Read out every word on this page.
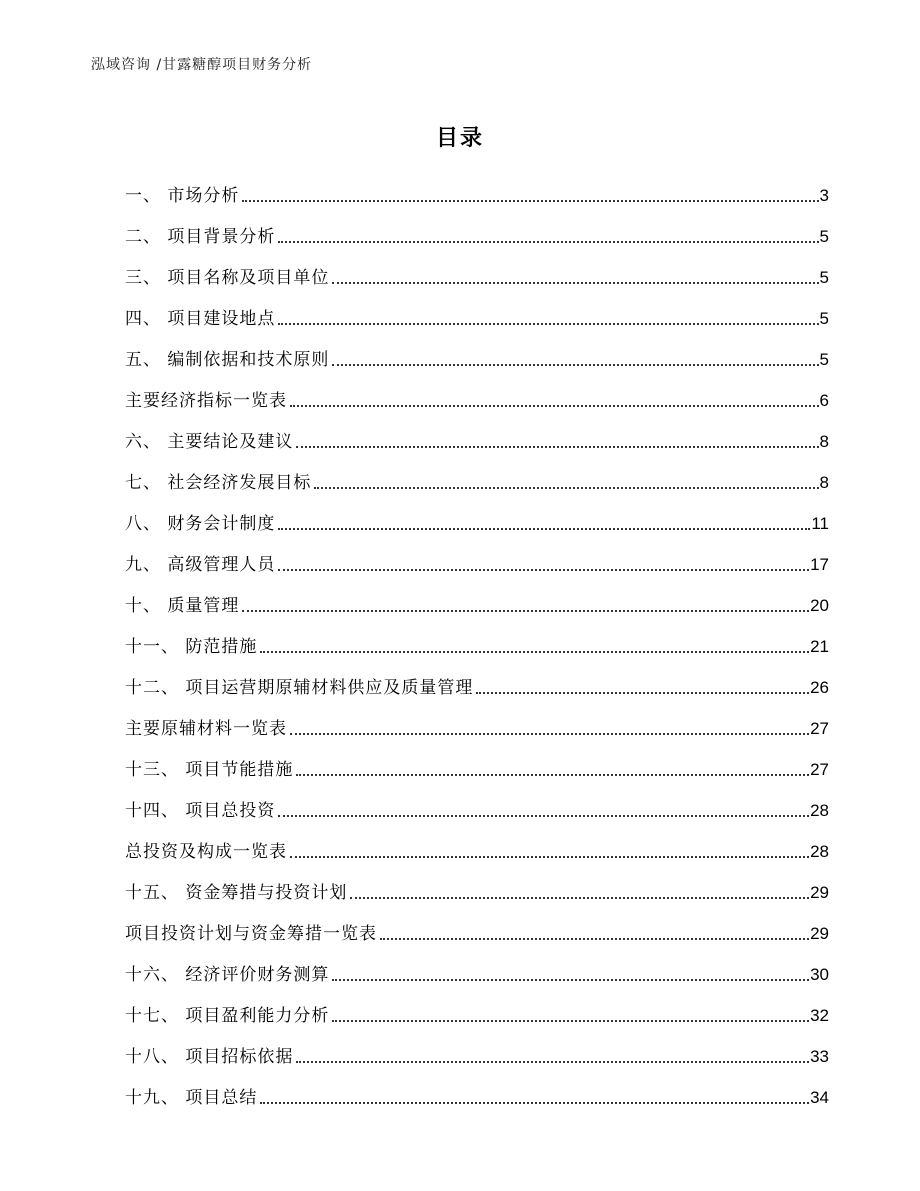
泓域咨询 /甘露糖醇项目财务分析
目录
一、 市场分析	3
二、 项目背景分析	5
三、 项目名称及项目单位	5
四、 项目建设地点	5
五、 编制依据和技术原则	5
主要经济指标一览表	6
六、 主要结论及建议	8
七、 社会经济发展目标	8
八、 财务会计制度	11
九、 高级管理人员	17
十、 质量管理	20
十一、 防范措施	21
十二、 项目运营期原辅材料供应及质量管理	26
主要原辅材料一览表	27
十三、 项目节能措施	27
十四、 项目总投资	28
总投资及构成一览表	28
十五、 资金筹措与投资计划	29
项目投资计划与资金筹措一览表	29
十六、 经济评价财务测算	30
十七、 项目盈利能力分析	32
十八、 项目招标依据	33
十九、 项目总结	34
